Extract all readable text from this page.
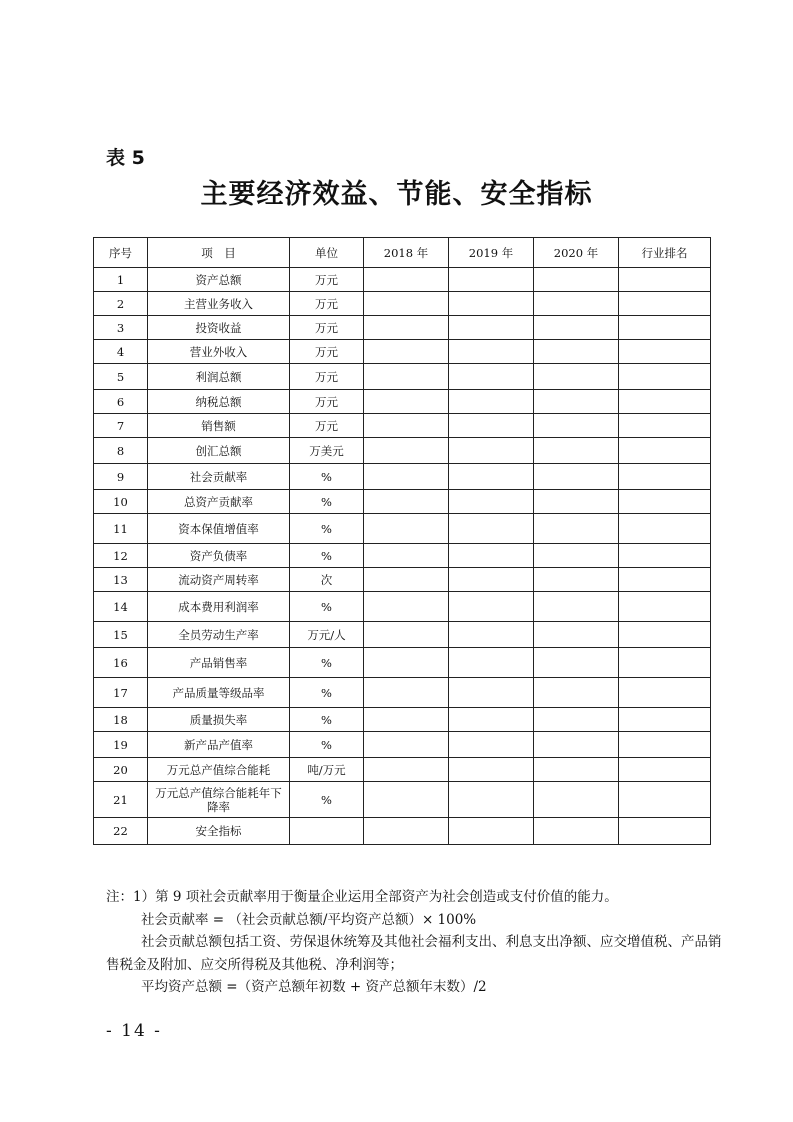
表 5
主要经济效益、节能、安全指标
序号	项　目	单位	2018 年	2019 年	2020 年	行业排名
1	资产总额	万元				
2	主营业务收入	万元				
3	投资收益	万元				
4	营业外收入	万元				
5	利润总额	万元				
6	纳税总额	万元				
7	销售额	万元				
8	创汇总额	万美元				
9	社会贡献率	%				
10	总资产贡献率	%				
11	资本保值增值率	%				
12	资产负债率	%				
13	流动资产周转率	次				
14	成本费用利润率	%				
15	全员劳动生产率	万元/人				
16	产品销售率	%				
17	产品质量等级品率	%				
18	质量损失率	%				
19	新产品产值率	%				
20	万元总产值综合能耗	吨/万元				
21	万元总产值综合能耗年下降率	%				
22	安全指标					

注：1）第 9 项社会贡献率用于衡量企业运用全部资产为社会创造或支付价值的能力。

社会贡献率 = （社会贡献总额/平均资产总额）× 100%

社会贡献总额包括工资、劳保退休统筹及其他社会福利支出、利息支出净额、应交增值税、产品销售税金及附加、应交所得税及其他税、净利润等；

平均资产总额 =（资产总额年初数 + 资产总额年末数）/2

- 14 -
